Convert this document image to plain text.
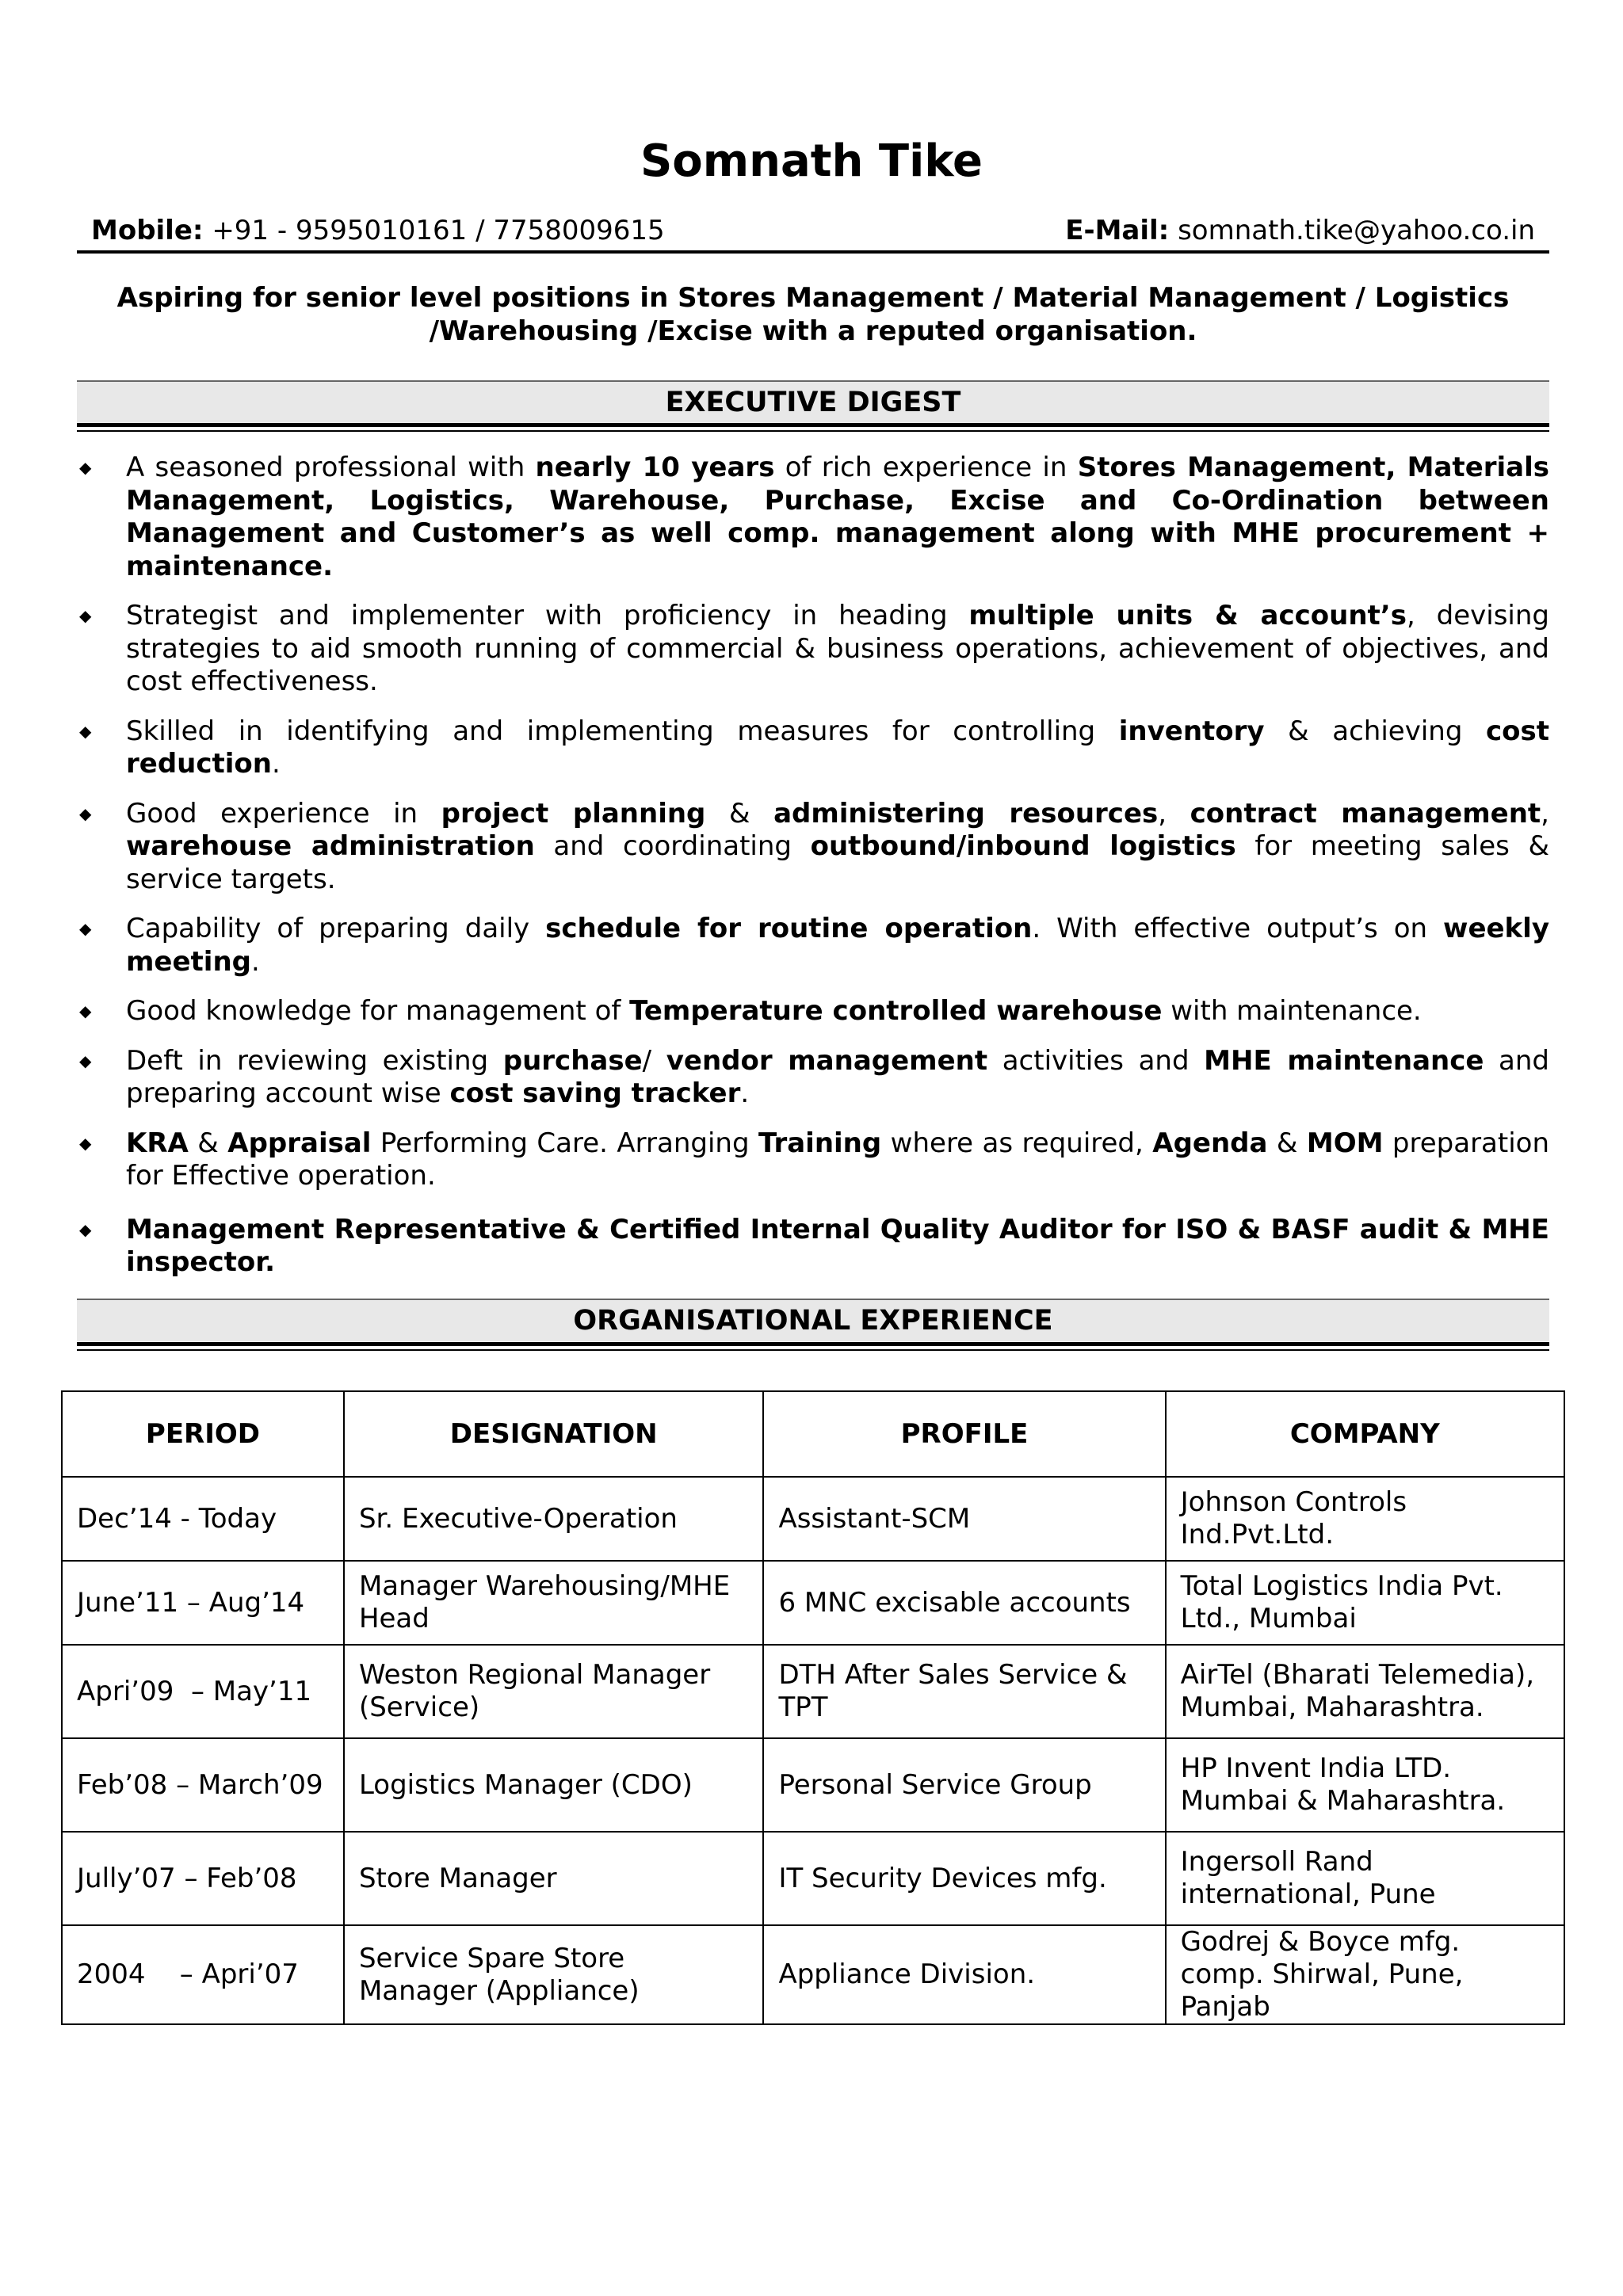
Somnath Tike
Mobile: +91 - 9595010161 / 7758009615	E-Mail: somnath.tike@yahoo.co.in
Aspiring for senior level positions in Stores Management / Material Management / Logistics /Warehousing /Excise with a reputed organisation.
EXECUTIVE DIGEST
◆ A seasoned professional with nearly 10 years of rich experience in Stores Management, Materials Management, Logistics, Warehouse, Purchase, Excise and Co-Ordination between Management and Customer’s as well comp. management along with MHE procurement + maintenance.
◆ Strategist and implementer with proficiency in heading multiple units & account’s, devising strategies to aid smooth running of commercial & business operations, achievement of objectives, and cost effectiveness.
◆ Skilled in identifying and implementing measures for controlling inventory & achieving cost reduction.
◆ Good experience in project planning & administering resources, contract management, warehouse administration and coordinating outbound/inbound logistics for meeting sales & service targets.
◆ Capability of preparing daily schedule for routine operation. With effective output’s on weekly meeting.
◆ Good knowledge for management of Temperature controlled warehouse with maintenance.
◆ Deft in reviewing existing purchase/ vendor management activities and MHE maintenance and preparing account wise cost saving tracker.
◆ KRA & Appraisal Performing Care. Arranging Training where as required, Agenda & MOM preparation for Effective operation.
◆ Management Representative & Certified Internal Quality Auditor for ISO & BASF audit & MHE inspector.
ORGANISATIONAL EXPERIENCE
PERIOD	DESIGNATION	PROFILE	COMPANY
Dec’14 - Today	Sr. Executive-Operation	Assistant-SCM	Johnson Controls Ind.Pvt.Ltd.
June’11 – Aug’14	Manager Warehousing/MHE Head	6 MNC excisable accounts	Total Logistics India Pvt. Ltd., Mumbai
Apri’09  – May’11	Weston Regional Manager (Service)	DTH After Sales Service & TPT	AirTel (Bharati Telemedia), Mumbai, Maharashtra.
Feb’08 – March’09	Logistics Manager (CDO)	Personal Service Group	HP Invent India LTD. Mumbai & Maharashtra.
Jully’07 – Feb’08	Store Manager	IT Security Devices mfg.	Ingersoll Rand international, Pune
2004    – Apri’07	Service Spare Store Manager (Appliance)	Appliance Division.	Godrej & Boyce mfg. comp. Shirwal, Pune, Panjab
